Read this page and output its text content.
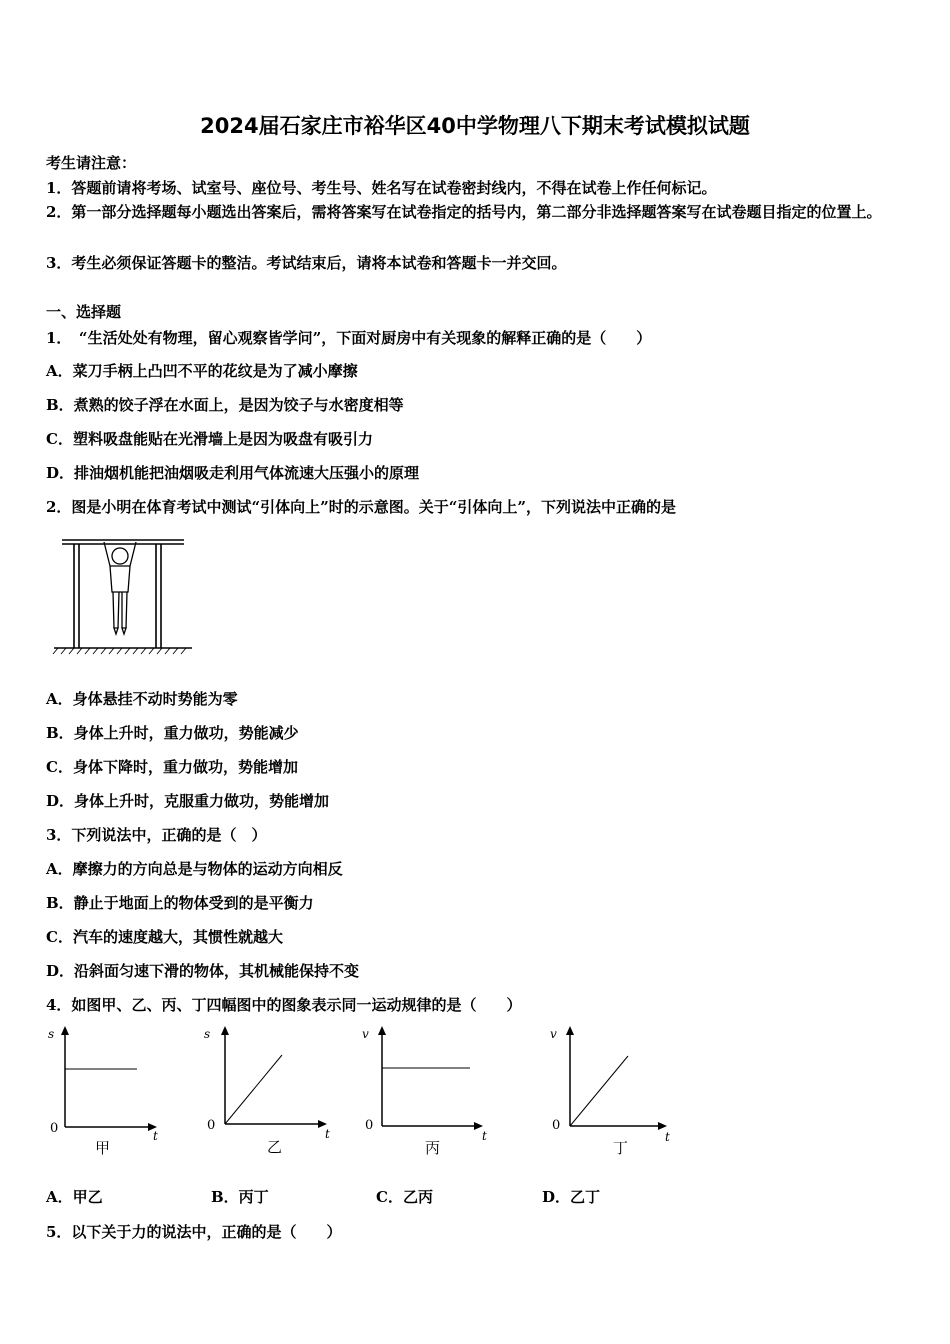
2024届石家庄市裕华区40中学物理八下期末考试模拟试题
考生请注意：
1．答题前请将考场、试室号、座位号、考生号、姓名写在试卷密封线内，不得在试卷上作任何标记。
2．第一部分选择题每小题选出答案后，需将答案写在试卷指定的括号内，第二部分非选择题答案写在试卷题目指定的位置上。
3．考生必须保证答题卡的整洁。考试结束后，请将本试卷和答题卡一并交回。
一、选择题
1．　“生活处处有物理，留心观察皆学问”，下面对厨房中有关现象的解释正确的是（　　）
A．菜刀手柄上凸凹不平的花纹是为了减小摩擦
B．煮熟的饺子浮在水面上，是因为饺子与水密度相等
C．塑料吸盘能贴在光滑墙上是因为吸盘有吸引力
D．排油烟机能把油烟吸走利用气体流速大压强小的原理
2．图是小明在体育考试中测试“引体向上”时的示意图。关于“引体向上”，下列说法中正确的是
A．身体悬挂不动时势能为零
B．身体上升时，重力做功，势能减少
C．身体下降时，重力做功，势能增加
D．身体上升时，克服重力做功，势能增加
3．下列说法中，正确的是（　）
A．摩擦力的方向总是与物体的运动方向相反
B．静止于地面上的物体受到的是平衡力
C．汽车的速度越大，其惯性就越大
D．沿斜面匀速下滑的物体，其机械能保持不变
4．如图甲、乙、丙、丁四幅图中的图象表示同一运动规律的是（　　）
s
0	t
甲
s
0
t
乙
v
0
t
丙
v
0
t
丁
A．甲乙	B．丙丁	C．乙丙	D．乙丁
5．以下关于力的说法中，正确的是（　　）
